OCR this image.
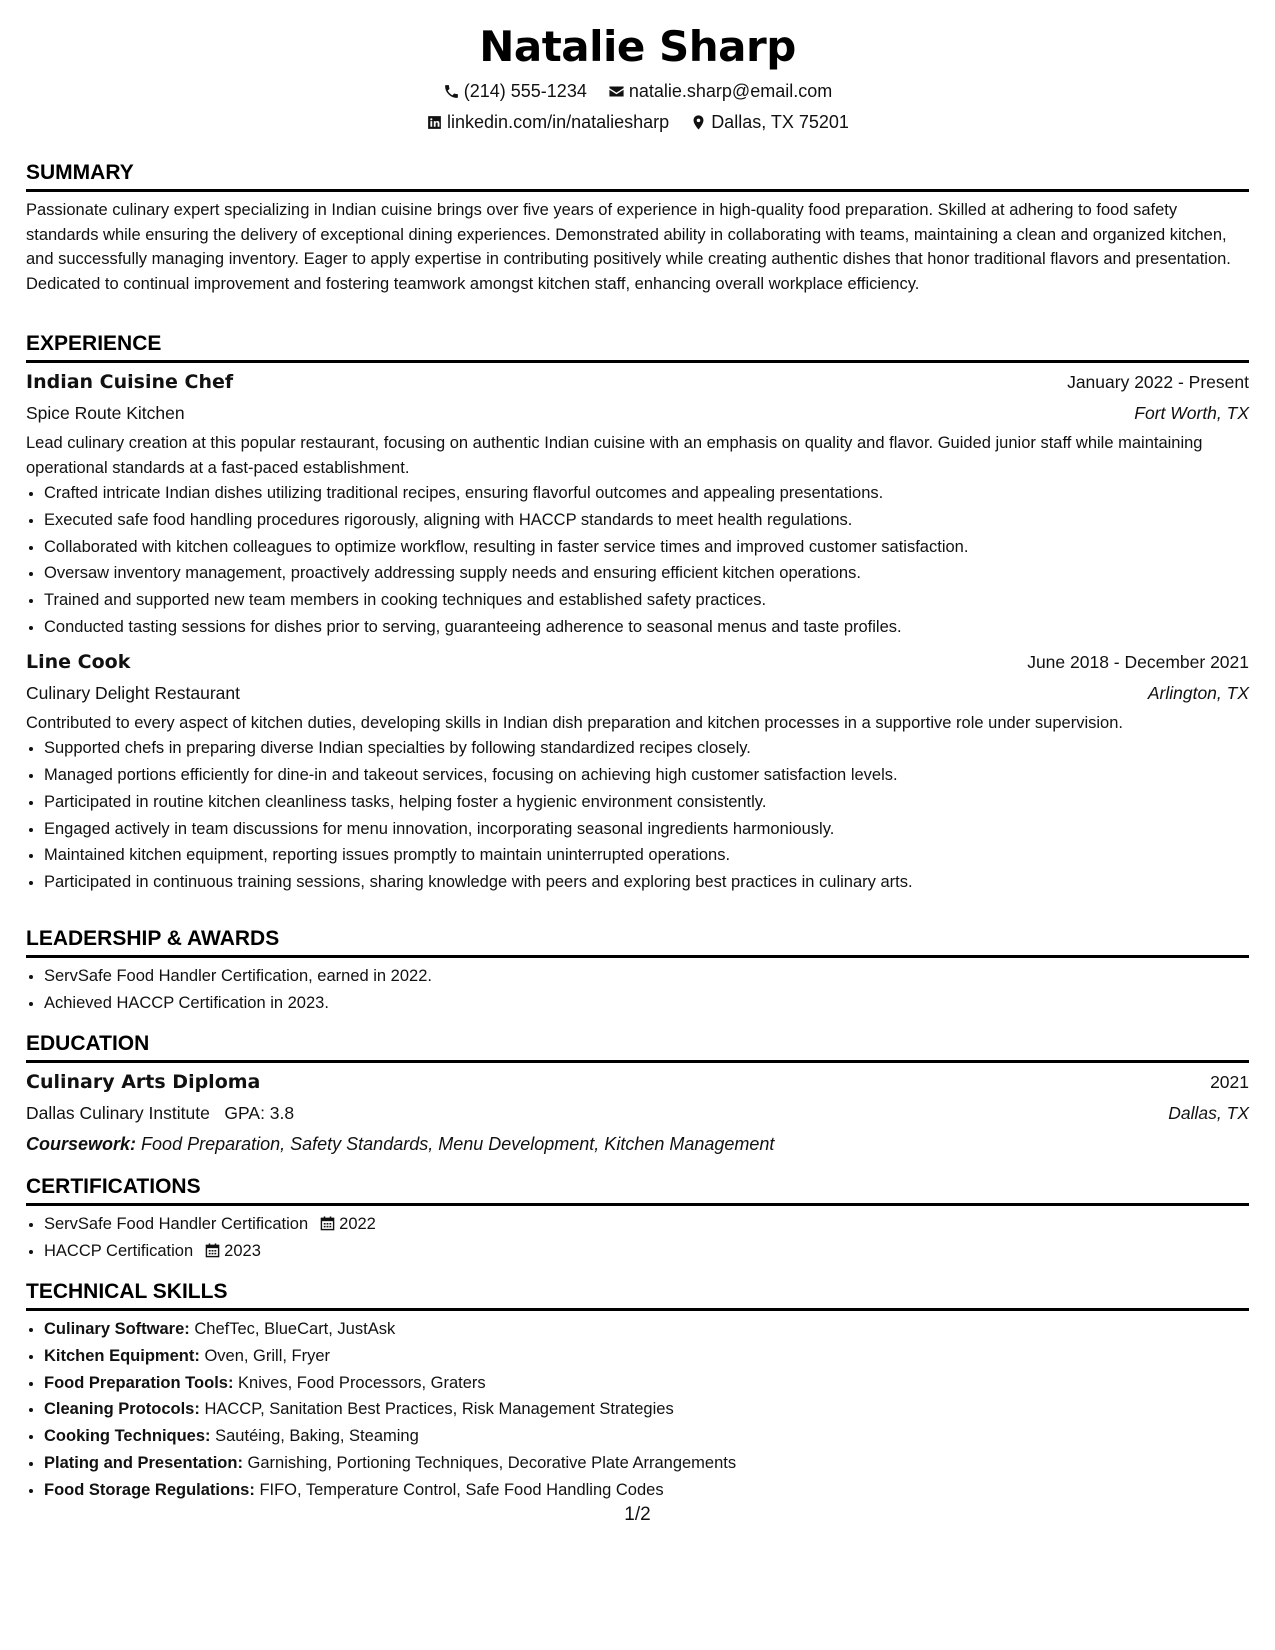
Natalie Sharp
(214) 555-1234
natalie.sharp@email.com
linkedin.com/in/nataliesharp
Dallas, TX 75201
SUMMARY

Passionate culinary expert specializing in Indian cuisine brings over five years of experience in high-quality food preparation. Skilled at adhering to food safety standards while ensuring the delivery of exceptional dining experiences. Demonstrated ability in collaborating with teams, maintaining a clean and organized kitchen, and successfully managing inventory. Eager to apply expertise in contributing positively while creating authentic dishes that honor traditional flavors and presentation. Dedicated to continual improvement and fostering teamwork amongst kitchen staff, enhancing overall workplace efficiency.

EXPERIENCE
Indian Cuisine Chef	January 2022 - Present
Spice Route Kitchen	Fort Worth, TX

Lead culinary creation at this popular restaurant, focusing on authentic Indian cuisine with an emphasis on quality and flavor. Guided junior staff while maintaining operational standards at a fast-paced establishment.

• Crafted intricate Indian dishes utilizing traditional recipes, ensuring flavorful outcomes and appealing presentations.
• Executed safe food handling procedures rigorously, aligning with HACCP standards to meet health regulations.
• Collaborated with kitchen colleagues to optimize workflow, resulting in faster service times and improved customer satisfaction.
• Oversaw inventory management, proactively addressing supply needs and ensuring efficient kitchen operations.
• Trained and supported new team members in cooking techniques and established safety practices.
• Conducted tasting sessions for dishes prior to serving, guaranteeing adherence to seasonal menus and taste profiles.
Line Cook	June 2018 - December 2021
Culinary Delight Restaurant	Arlington, TX

Contributed to every aspect of kitchen duties, developing skills in Indian dish preparation and kitchen processes in a supportive role under supervision.

• Supported chefs in preparing diverse Indian specialties by following standardized recipes closely.
• Managed portions efficiently for dine-in and takeout services, focusing on achieving high customer satisfaction levels.
• Participated in routine kitchen cleanliness tasks, helping foster a hygienic environment consistently.
• Engaged actively in team discussions for menu innovation, incorporating seasonal ingredients harmoniously.
• Maintained kitchen equipment, reporting issues promptly to maintain uninterrupted operations.
• Participated in continuous training sessions, sharing knowledge with peers and exploring best practices in culinary arts.
LEADERSHIP & AWARDS
• ServSafe Food Handler Certification, earned in 2022.
• Achieved HACCP Certification in 2023.
EDUCATION
Culinary Arts Diploma	2021
Dallas Culinary Institute GPA: 3.8	Dallas, TX
Coursework: Food Preparation, Safety Standards, Menu Development, Kitchen Management
CERTIFICATIONS
• ServSafe Food Handler Certification 2022
• HACCP Certification 2023
TECHNICAL SKILLS
• Culinary Software: ChefTec, BlueCart, JustAsk
• Kitchen Equipment: Oven, Grill, Fryer
• Food Preparation Tools: Knives, Food Processors, Graters
• Cleaning Protocols: HACCP, Sanitation Best Practices, Risk Management Strategies
• Cooking Techniques: Sautéing, Baking, Steaming
• Plating and Presentation: Garnishing, Portioning Techniques, Decorative Plate Arrangements
• Food Storage Regulations: FIFO, Temperature Control, Safe Food Handling Codes
1/2
